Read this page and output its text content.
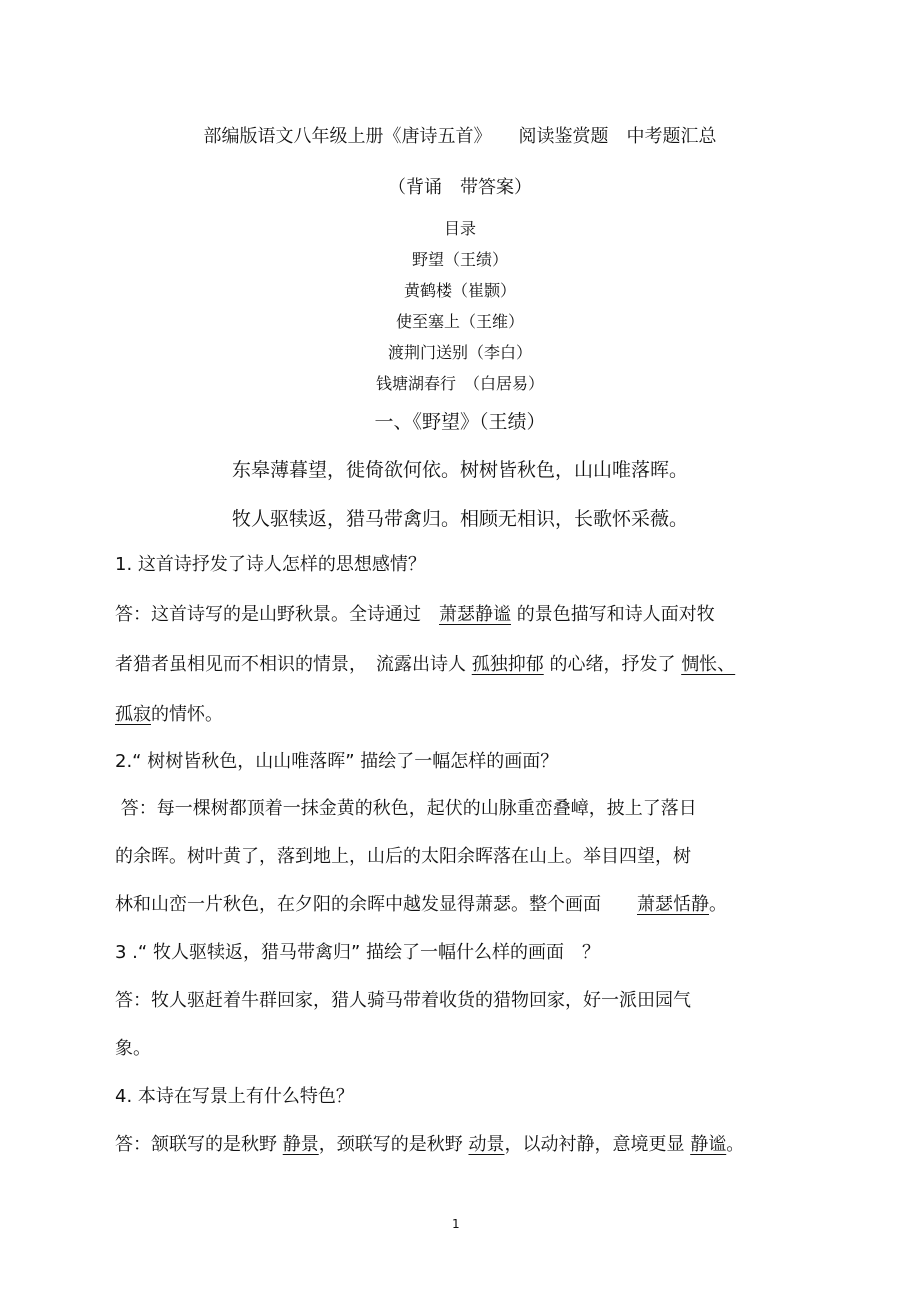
部编版语文八年级上册《唐诗五首》　　阅读鉴赏题　中考题汇总
（背诵　带答案）
目录
野望（王绩）
黄鹤楼（崔颢）
使至塞上（王维）
渡荆门送别（李白）
钱塘湖春行　（白居易）
一、《野望》（王绩）
东皋薄暮望，徙倚欲何依。树树皆秋色，山山唯落晖。
牧人驱犊返，猎马带禽归。相顾无相识，长歌怀采薇。
1. 这首诗抒发了诗人怎样的思想感情？
答：这首诗写的是山野秋景。全诗通过　萧瑟静谧 的景色描写和诗人面对牧
者猎者虽相见而不相识的情景，　流露出诗人 孤独抑郁 的心绪，抒发了 惆怅、
孤寂的情怀。
2.“ 树树皆秋色，山山唯落晖” 描绘了一幅怎样的画面？
答：每一棵树都顶着一抹金黄的秋色，起伏的山脉重峦叠嶂，披上了落日
的余晖。树叶黄了，落到地上，山后的太阳余晖落在山上。举目四望，树
林和山峦一片秋色，在夕阳的余晖中越发显得萧瑟。整个画面　　萧瑟恬静。
3 .“ 牧人驱犊返，猎马带禽归” 描绘了一幅什么样的画面　？
答：牧人驱赶着牛群回家，猎人骑马带着收货的猎物回家，好一派田园气
象。
4. 本诗在写景上有什么特色？
答：颔联写的是秋野 静景，颈联写的是秋野 动景，以动衬静，意境更显 静谧。
1
